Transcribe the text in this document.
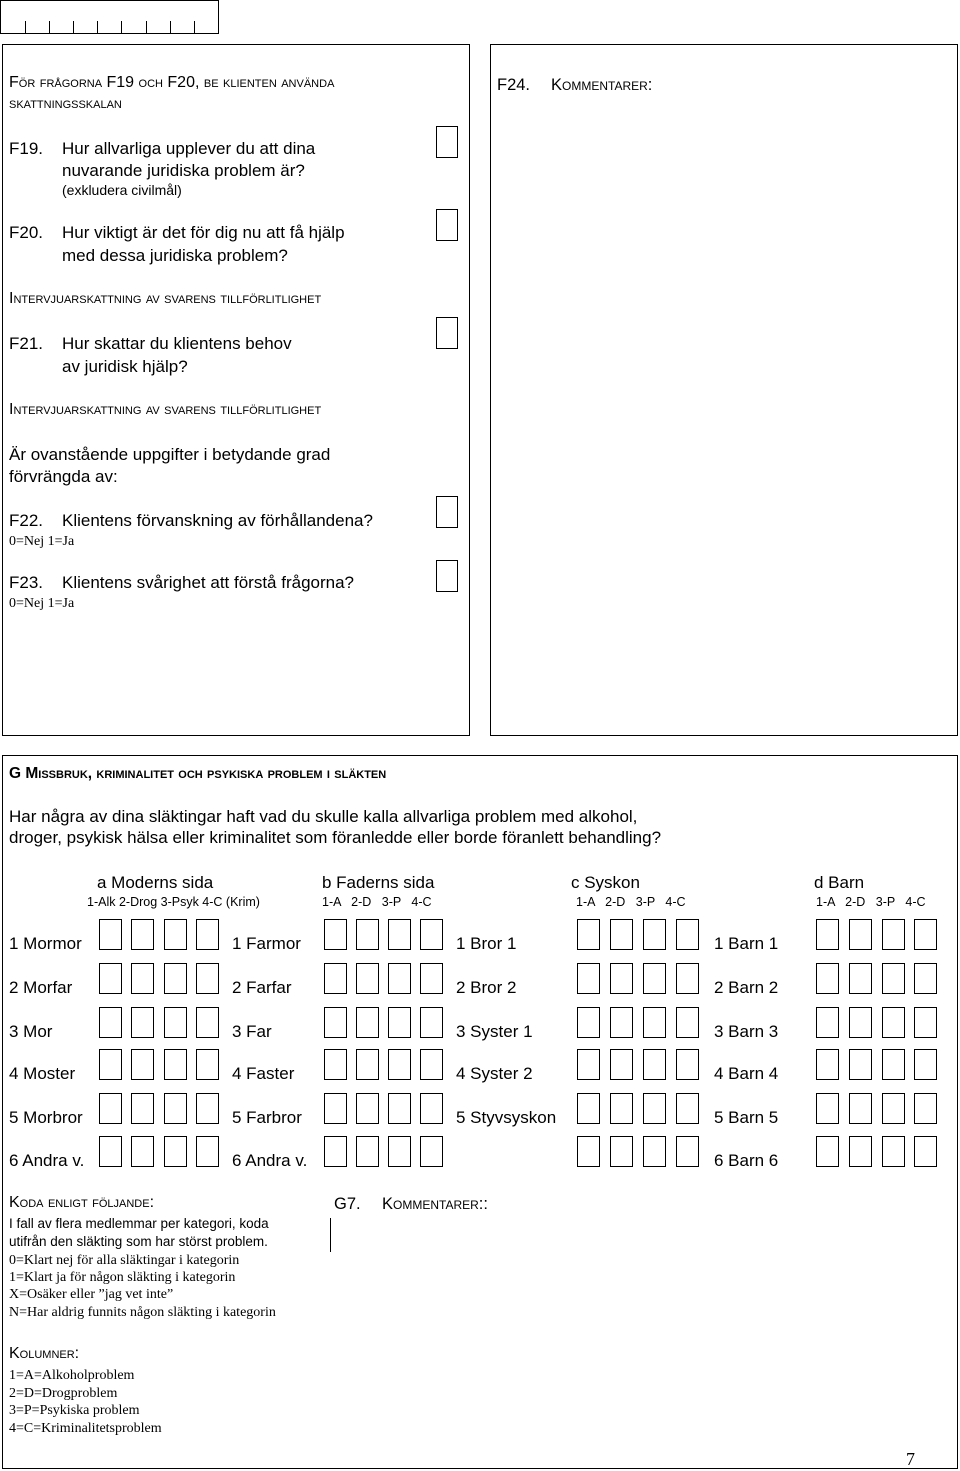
För frågorna F19 och F20, be klienten använda
skattningsskalan
F19. Hur allvarliga upplever du att dina
nuvarande juridiska problem är?
(exkludera civilmål)
F20. Hur viktigt är det för dig nu att få hjälp
med dessa juridiska problem?
Intervjuarskattning av svarens tillförlitlighet
F21. Hur skattar du klientens behov
av juridisk hjälp?
Intervjuarskattning av svarens tillförlitlighet
Är ovanstående uppgifter i betydande grad
förvrängda av:
F22. Klientens förvanskning av förhållandena?
0=Nej 1=Ja
F23. Klientens svårighet att förstå frågorna?
0=Nej 1=Ja
F24. Kommentarer:
G Missbruk, kriminalitet och psykiska problem i släkten
Har några av dina släktingar haft vad du skulle kalla allvarliga problem med alkohol,
droger, psykisk hälsa eller kriminalitet som föranledde eller borde föranlett behandling?
a Moderns sida
1-Alk 2-Drog 3-Psyk 4-C (Krim)
b Faderns sida
1-A   2-D   3-P   4-C
c Syskon
1-A   2-D   3-P   4-C
d Barn
1-A   2-D   3-P   4-C
1 Mormor
2 Morfar
3 Mor
4 Moster
5 Morbror
6 Andra v.
1 Farmor
2 Farfar
3 Far
4 Faster
5 Farbror
6 Andra v.
1 Bror 1
2 Bror 2
3 Syster 1
4 Syster 2
5 Styvsyskon
1 Barn 1
2 Barn 2
3 Barn 3
4 Barn 4
5 Barn 5
6 Barn 6
Koda enligt följande:
I fall av flera medlemmar per kategori, koda
utifrån den släkting som har störst problem.
0=Klart nej för alla släktingar i kategorin
1=Klart ja för någon släkting i kategorin
X=Osäker eller ”jag vet inte”
N=Har aldrig funnits någon släkting i kategorin
Kolumner:
1=A=Alkoholproblem
2=D=Drogproblem
3=P=Psykiska problem
4=C=Kriminalitetsproblem
G7. Kommentarer::
7
